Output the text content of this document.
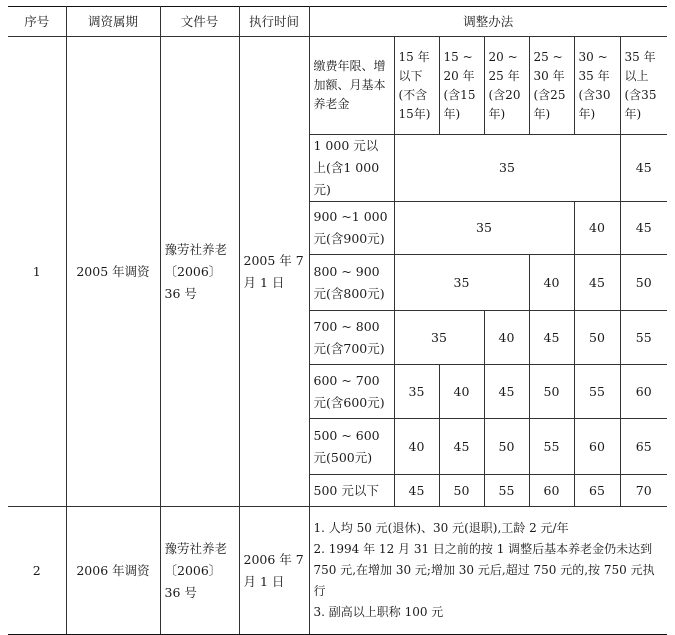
序号	调资属期	文件号	执行时间	调整办法						
1	2005 年调资	豫劳社养老〔2006〕36 号	2005 年 7 月 1 日	缴费年限、增加额、月基本养老金	15 年以下(不含15年)	15 ~ 20 年(含15年)	20 ~ 25 年(含20年)	25 ~ 30 年(含25年)	30 ~ 35 年(含30年)	35 年以上(含35年)
				1 000 元以上(含1 000元)	35					45
				900 ~1 000 元(含900元)	35				40	45
				800 ~ 900 元(含800元)	35			40	45	50
				700 ~ 800 元(含700元)	35		40	45	50	55
				600 ~ 700 元(含600元)	35	40	45	50	55	60
				500 ~ 600 元(500元)	40	45	50	55	60	65
				500 元以下	45	50	55	60	65	70
2	2006 年调资	豫劳社养老〔2006〕36 号	2006 年 7 月 1 日	1. 人均 50 元(退休)、30 元(退职),工龄 2 元/年
2. 1994 年 12 月 31 日之前的按 1 调整后基本养老金仍未达到 750 元,在增加 30 元;增加 30 元后,超过 750 元的,按 750 元执行
3. 副高以上职称 100 元						
